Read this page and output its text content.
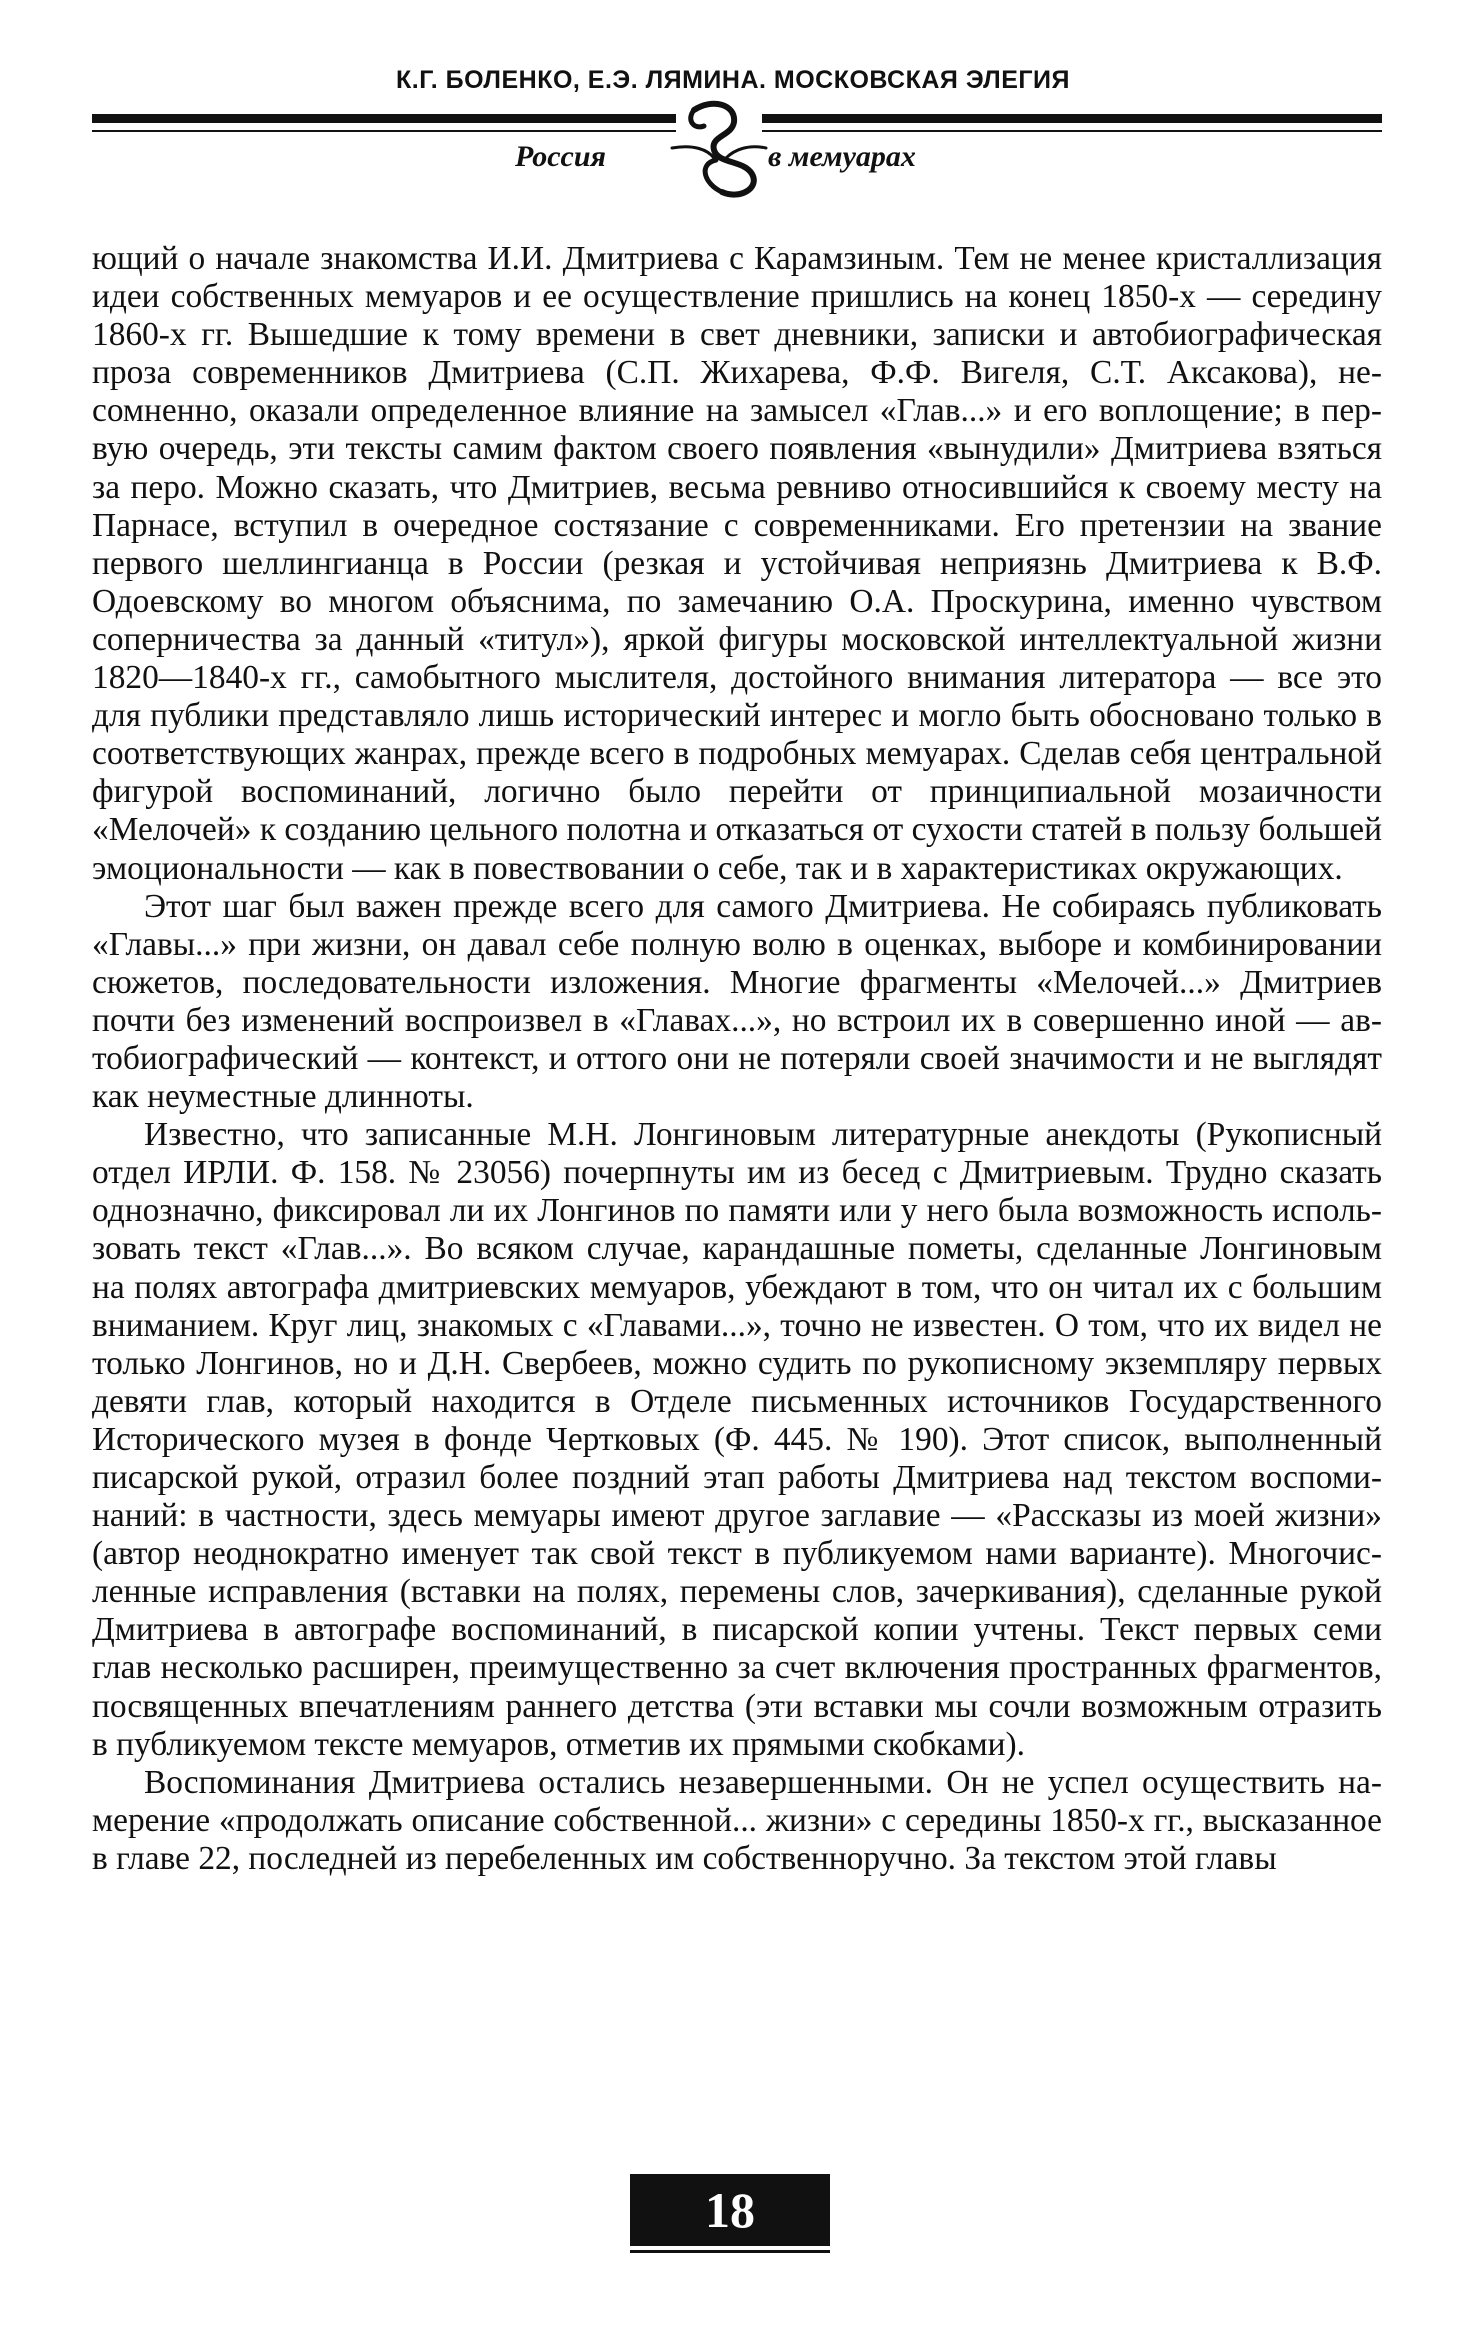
К.Г. БОЛЕНКО, Е.Э. ЛЯМИНА. МОСКОВСКАЯ ЭЛЕГИЯ
Россия	в мемуарах

ющий о начале знакомства И.И. Дмитриева с Карамзиным. Тем не менее кристаллизация идеи собственных мемуаров и ее осуществление пришлись на конец 1850-х — середину 1860-х гг. Вышедшие к тому времени в свет дневники, записки и автобиографическая проза современников Дмитриева (С.П. Жихарева, Ф.Ф. Вигеля, С.Т. Аксакова), несомненно, оказали определенное влияние на замысел «Глав...» и его воплощение; в первую очередь, эти тексты самим фактом своего появления «вынудили» Дмитриева взяться за перо. Можно сказать, что Дмитриев, весьма ревниво относившийся к своему месту на Парнасе, вступил в очередное состязание с современниками. Его претензии на звание первого шеллингианца в России (резкая и устойчивая неприязнь Дмитриева к В.Ф. Одоевскому во многом объяснима, по замечанию О.А. Проскурина, именно чувством соперничества за данный «титул»), яркой фигуры московской интеллектуальной жизни 1820—1840-х гг., самобытного мыслителя, достойного внимания литератора — все это для публики представляло лишь исторический интерес и могло быть обосновано только в соответствующих жанрах, прежде всего в подробных мемуарах. Сделав себя центральной фигурой воспоминаний, логично было перейти от принципиальной мозаичности «Мелочей» к созданию цельного полотна и отказаться от сухости статей в пользу большей эмоциональности — как в повествовании о себе, так и в характеристиках окружающих.

Этот шаг был важен прежде всего для самого Дмитриева. Не собираясь публиковать «Главы...» при жизни, он давал себе полную волю в оценках, выборе и комбинировании сюжетов, последовательности изложения. Многие фрагменты «Мелочей...» Дмитриев почти без изменений воспроизвел в «Главах...», но встроил их в совершенно иной — автобиографический — контекст, и оттого они не потеряли своей значимости и не выглядят как неуместные длинноты.

Известно, что записанные М.Н. Лонгиновым литературные анекдоты (Рукописный отдел ИРЛИ. Ф. 158. № 23056) почерпнуты им из бесед с Дмитриевым. Трудно сказать однозначно, фиксировал ли их Лонгинов по памяти или у него была возможность использовать текст «Глав...». Во всяком случае, карандашные пометы, сделанные Лонгиновым на полях автографа дмитриевских мемуаров, убеждают в том, что он читал их с большим вниманием. Круг лиц, знакомых с «Главами...», точно не известен. О том, что их видел не только Лонгинов, но и Д.Н. Свербеев, можно судить по рукописному экземпляру первых девяти глав, который находится в Отделе письменных источников Государственного Исторического музея в фонде Чертковых (Ф. 445. № 190). Этот список, выполненный писарской рукой, отразил более поздний этап работы Дмитриева над текстом воспоминаний: в частности, здесь мемуары имеют другое заглавие — «Рассказы из моей жизни» (автор неоднократно именует так свой текст в публикуемом нами варианте). Многочисленные исправления (вставки на полях, перемены слов, зачеркивания), сделанные рукой Дмитриева в автографе воспоминаний, в писарской копии учтены. Текст первых семи глав несколько расширен, преимущественно за счет включения пространных фрагментов, посвященных впечатлениям раннего детства (эти вставки мы сочли возможным отразить в публикуемом тексте мемуаров, отметив их прямыми скобками).

Воспоминания Дмитриева остались незавершенными. Он не успел осуществить намерение «продолжать описание собственной... жизни» с середины 1850-х гг., высказанное в главе 22, последней из перебеленных им собственноручно. За текстом этой главы

18
